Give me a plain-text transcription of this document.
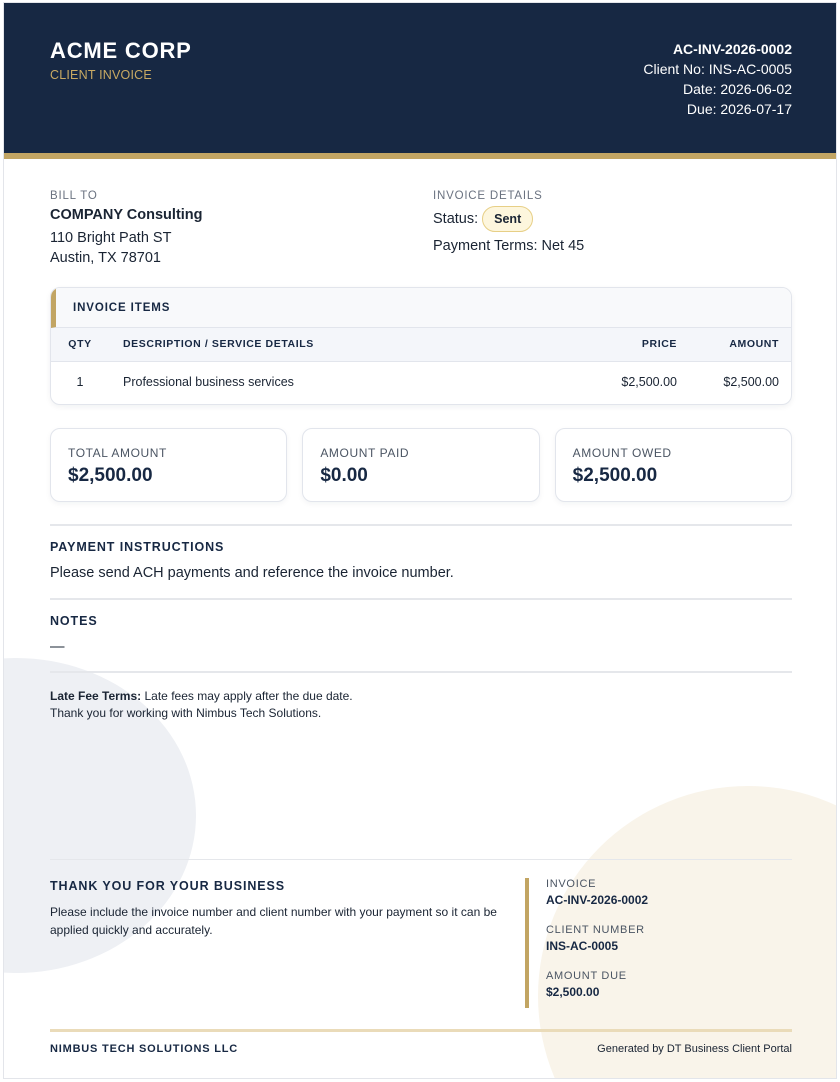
ACME CORP
CLIENT INVOICE
AC-INV-2026-0002
Client No: INS-AC-0005
Date: 2026-06-02
Due: 2026-07-17
BILL TO
COMPANY Consulting
110 Bright Path ST
Austin, TX 78701
INVOICE DETAILS
Status:	Sent
Payment Terms: Net 45
INVOICE ITEMS
QTY	DESCRIPTION / SERVICE DETAILS	PRICE	AMOUNT
1	Professional business services	$2,500.00	$2,500.00
TOTAL AMOUNT
$2,500.00
AMOUNT PAID
$0.00
AMOUNT OWED
$2,500.00
PAYMENT INSTRUCTIONS
Please send ACH payments and reference the invoice number.
NOTES
—
Late Fee Terms: Late fees may apply after the due date.
Thank you for working with Nimbus Tech Solutions.
THANK YOU FOR YOUR BUSINESS
Please include the invoice number and client number with your payment so it can be applied quickly and accurately.
INVOICE
AC-INV-2026-0002
CLIENT NUMBER
INS-AC-0005
AMOUNT DUE
$2,500.00
NIMBUS TECH SOLUTIONS LLC	Generated by DT Business Client Portal
